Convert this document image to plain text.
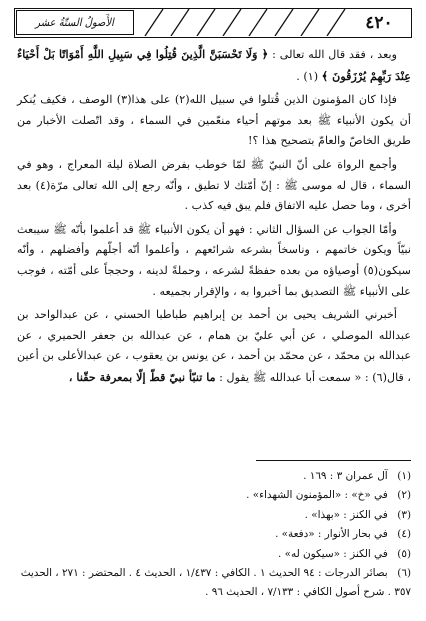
٤٢٠
الأَصولُ الستّةُ عشر

وبعد ، فقد قال الله تعالى : ﴿ وَلَا تَحْسَبَنَّ الَّذِينَ قُتِلُوا فِي سَبِيلِ اللَّهِ أَمْوَاتًا بَلْ أَحْيَاءٌ عِنْدَ رَبِّهِمْ يُرْزَقُونَ ﴾ (١) .

فإذا كان المؤمنون الذين قُتلوا في سبيل الله(٢) على هذا(٣) الوصف ، فكيف يُنكر أن يكون الأنبياء ﷺ بعد موتهم أحياء منعّمين في السماء ، وقد اتّصلت الأخبار من طريق الخاصّ والعامّ بتصحيح هذا ؟!

وأجمع الرواة على أنّ النبيّ ﷺ لمّا خوطب بفرض الصلاة ليلة المعراج ، وهو في السماء ، قال له موسى ﷺ : إنّ أمّتك لا تطيق ، وأنّه رجع إلى الله تعالى مرّة(٤) بعد أخرى ، وما حصل عليه الاتفاق فلم يبق فيه كذب .

وأمّا الجواب عن السؤال الثاني : فهو أن يكون الأنبياء ﷺ قد أعلموا بأنّه ﷺ سيبعث نبيّاً ويكون خاتمهم ، وناسخاً بشرعه شرائعهم ، وأعلموا أنّه أجلّهم وأفضلهم ، وأنّه سيكون(٥) أوصياؤه من بعده حفظةً لشرعه ، وحملةً لدينه ، وحججاً على أمّته ، فوجب على الأنبياء ﷺ التصديق بما أخبروا به ، والإقرار بجميعه .

أخبرني الشريف يحيى بن أحمد بن إبراهيم طباطبا الحسني ، عن عبدالواحد بن عبدالله الموصلي ، عن أبي عليّ بن همام ، عن عبدالله بن جعفر الحميري ، عن عبدالله بن محمّد ، عن محمّد بن أحمد ، عن يونس بن يعقوب ، عن عبدالأعلى بن أعين ، قال(٦) : « سمعت أبا عبدالله ﷺ يقول : ما تنبّأ نبيّ قطّ إلّا بمعرفة حقّنا ،

(١) آل عمران ٣ : ١٦٩ .
(٢) في «خ» : «المؤمنون الشهداء» .
(٣) في الكنز : «بهذا» .
(٤) في بحار الأنوار : «دفعة» .
(٥) في الكنز : «سيكون له» .
(٦) بصائر الدرجات : ٩٤ الحديث ١ . الكافي : ١/٤٣٧ ، الحديث ٤ . المحتضر : ٢٧١ ، الحديث ٣٥٧ . شرح أصول الكافي : ٧/١٣٣ ، الحديث ٩٦ .
